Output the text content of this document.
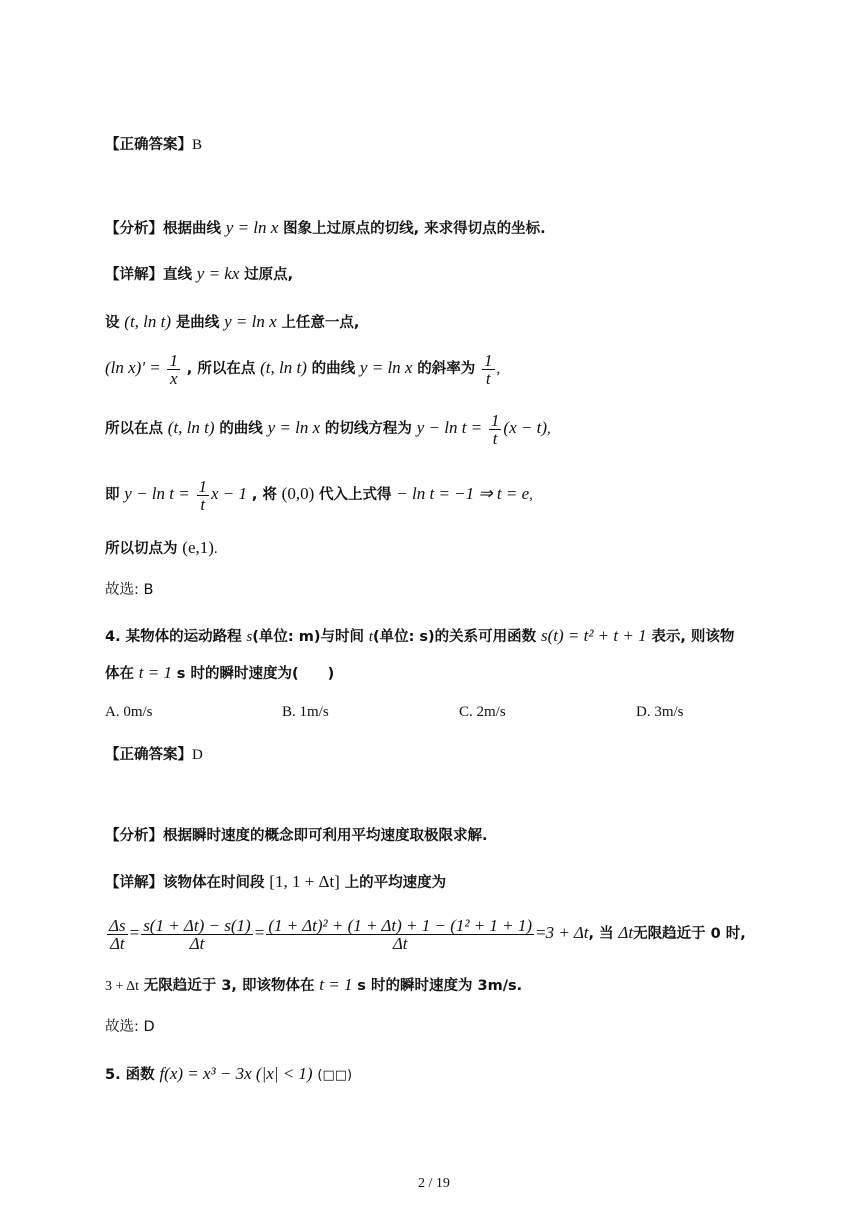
【正确答案】B
【分析】根据曲线 y = ln x 图象上过原点的切线, 来求得切点的坐标.
【详解】直线 y = kx 过原点,
设 (t, ln t) 是曲线 y = ln x 上任意一点,
(ln $x)' = \frac{1}{x}$ , 所以在点 (t, ln t) 的曲线 y = ln x 的斜率为 $\frac{1}{t}$ ,
所以在点 (t, ln t) 的曲线 y = ln x 的切线方程为 $y - \ln t = \frac{1}{t} (x - t)$,
即 $y - \ln t = \frac{1}{t}$ x − 1 , 将 (0,0) 代入上式得 − ln t = −1 ⇒ t = e,
所以切点为 (e,1).
故选: B
4. 某物体的运动路程 s(单位: m)与时间 t(单位: s)的关系可用函数 s(t) = t² + t + 1 表示, 则该物
体在 t = 1 s 时的瞬时速度为(　　)
A. 0m/s	B. 1m/s	C. 2m/s	D. 3m/s
【正确答案】D
【分析】根据瞬时速度的概念即可利用平均速度取极限求解.
【详解】该物体在时间段 [1, 1 + Δt] 上的平均速度为
$\frac{\Delta s}{\Delta t} = \frac{s(1 + \Delta t) - s(1)}{\Delta t} = \frac{\text{(1 + Δt)² + (1 + Δt) + 1 − (1² + 1 + 1)}}{\Delta t} =3 + \Delta t$, 当 Δt无限趋近于 0 时,
3 + Δt 无限趋近于 3, 即该物体在 t = 1 s 时的瞬时速度为 3m/s.
故选: D
5. 函数 f(x) = x³ − 3x (|x| < 1) (□□)
2 / 19
